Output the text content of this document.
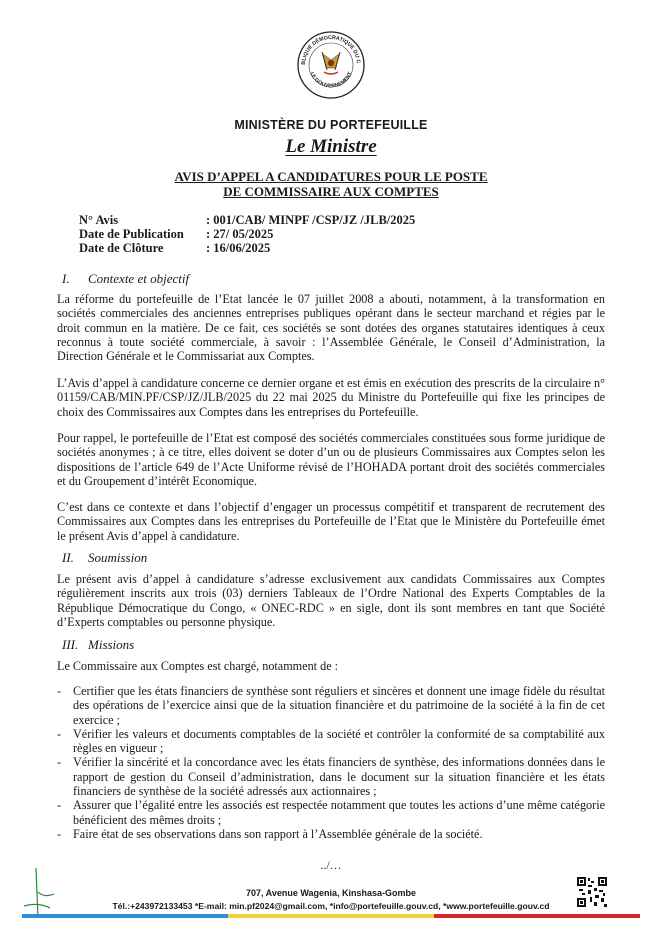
BLIQUE DÉMOCRATIQUE DU C
LE GOUVERNEMENT
MINISTÈRE DU PORTEFEUILLE
Le Ministre
AVIS D’APPEL A CANDIDATURES POUR LE POSTE
DE COMMISSAIRE AUX COMPTES
N° Avis	: 001/CAB/ MINPF /CSP/JZ /JLB/2025
Date de Publication	: 27/ 05/2025
Date de Clôture	: 16/06/2025
I. Contexte et objectif
La réforme du portefeuille de l’Etat lancée le 07 juillet 2008 a abouti, notamment, à la transformation en sociétés commerciales des anciennes entreprises publiques opérant dans le secteur marchand et régies par le droit commun en la matière. De ce fait, ces sociétés se sont dotées des organes statutaires identiques à ceux reconnus à toute société commerciale, à savoir : l’Assemblée Générale, le Conseil d’Administration, la Direction Générale et le Commissariat aux Comptes.
L’Avis d’appel à candidature concerne ce dernier organe et est émis en exécution des prescrits de la circulaire n° 01159/CAB/MIN.PF/CSP/JZ/JLB/2025 du 22 mai 2025 du Ministre du Portefeuille qui fixe les principes de choix des Commissaires aux Comptes dans les entreprises du Portefeuille.
Pour rappel, le portefeuille de l’Etat est composé des sociétés commerciales constituées sous forme juridique de sociétés anonymes ; à ce titre, elles doivent se doter d’un ou de plusieurs Commissaires aux Comptes selon les dispositions de l’article 649 de l’Acte Uniforme révisé de l’HOHADA portant droit des sociétés commerciales et du Groupement d’intérêt Economique.
C’est dans ce contexte et dans l’objectif d’engager un processus compétitif et transparent de recrutement des Commissaires aux Comptes dans les entreprises du Portefeuille de l’Etat que le Ministère du Portefeuille émet le présent Avis d’appel à candidature.
II. Soumission
Le présent avis d’appel à candidature s’adresse exclusivement aux candidats Commissaires aux Comptes régulièrement inscrits aux trois (03) derniers Tableaux de l’Ordre National des Experts Comptables de la République Démocratique du Congo, « ONEC-RDC » en sigle, dont ils sont membres en tant que Société d’Experts comptables ou personne physique.
III. Missions
Le Commissaire aux Comptes est chargé, notamment de :
- Certifier que les états financiers de synthèse sont réguliers et sincères et donnent une image fidèle du résultat des opérations de l’exercice ainsi que de la situation financière et du patrimoine de la société à la fin de cet exercice ;
- Vérifier les valeurs et documents comptables de la société et contrôler la conformité de sa comptabilité aux règles en vigueur ;
- Vérifier la sincérité et la concordance avec les états financiers de synthèse, des informations données dans le rapport de gestion du Conseil d’administration, dans le document sur la situation financière et les états financiers de synthèse de la société adressés aux actionnaires ;
- Assurer que l’égalité entre les associés est respectée notamment que toutes les actions d’une même catégorie bénéficient des mêmes droits ;
- Faire état de ses observations dans son rapport à l’Assemblée générale de la société.
../…
707, Avenue Wagenia, Kinshasa-Gombe
Tél.:+243972133453 *E-mail: min.pf2024@gmail.com, *info@portefeuille.gouv.cd, *www.portefeuille.gouv.cd
